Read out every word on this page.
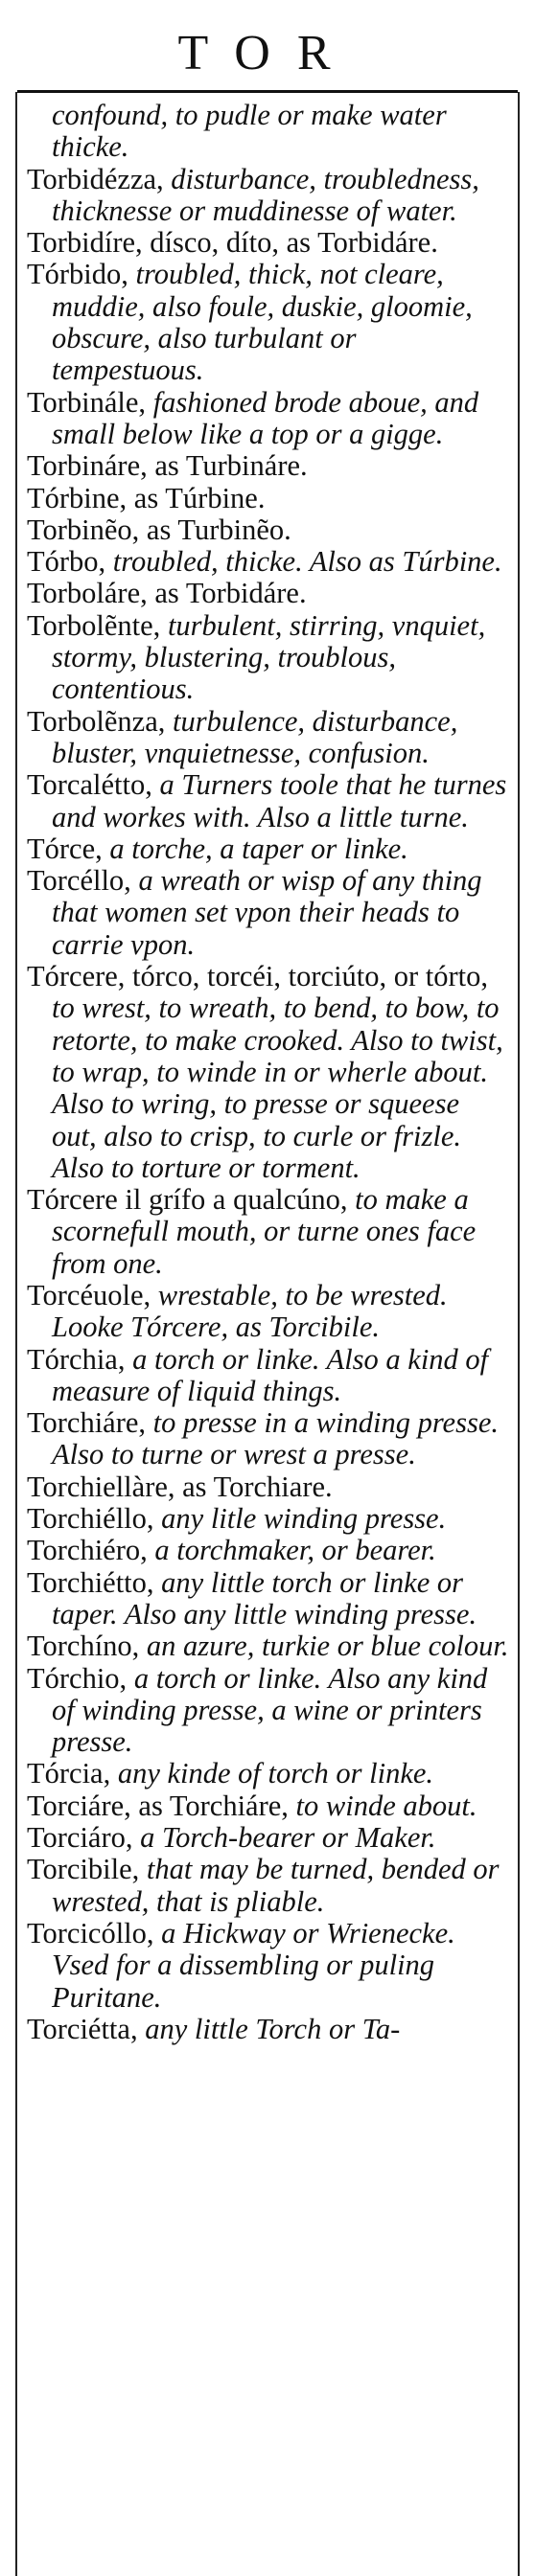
TOR

confound, to pudle or make water thicke.

Torbidézza, disturbance, troubledness, thicknesse or muddinesse of water.

Torbidíre, dísco, díto, as Torbidáre.

Tórbido, troubled, thick, not cleare, muddie, also foule, duskie, gloomie, obscure, also turbulant or tempestuous.

Torbinále, fashioned brode aboue, and small below like a top or a gigge.

Torbináre, as Turbináre.

Tórbine, as Túrbine.

Torbinẽo, as Turbinẽo.

Tórbo, troubled, thicke. Also as Túrbine.

Torboláre, as Torbidáre.

Torbolẽnte, turbulent, stirring, vnquiet, stormy, blustering, troublous, contentious.

Torbolẽnza, turbulence, disturbance, bluster, vnquietnesse, confusion.

Torcalétto, a Turners toole that he turnes and workes with. Also a little turne.

Tórce, a torche, a taper or linke.

Torcéllo, a wreath or wisp of any thing that women set vpon their heads to carrie vpon.

Tórcere, tórco, torcéi, torciúto, or tórto, to wrest, to wreath, to bend, to bow, to retorte, to make crooked. Also to twist, to wrap, to winde in or wherle about. Also to wring, to presse or squeese out, also to crisp, to curle or frizle. Also to torture or torment.

Tórcere il grífo a qualcúno, to make a scornefull mouth, or turne ones face from one.

Torcéuole, wrestable, to be wrested. Looke Tórcere, as Torcibile.

Tórchia, a torch or linke. Also a kind of measure of liquid things.

Torchiáre, to presse in a winding presse. Also to turne or wrest a presse.

Torchiellàre, as Torchiare.

Torchiéllo, any litle winding presse.

Torchiéro, a torchmaker, or bearer.

Torchiétto, any little torch or linke or taper. Also any little winding presse.

Torchíno, an azure, turkie or blue colour.

Tórchio, a torch or linke. Also any kind of winding presse, a wine or printers presse.

Tórcia, any kinde of torch or linke.

Torciáre, as Torchiáre, to winde about.

Torciáro, a Torch-bearer or Maker.

Torcibile, that may be turned, bended or wrested, that is pliable.

Torcicóllo, a Hickway or Wrienecke. Vsed for a dissembling or puling Puritane.

Torciétta, any little Torch or Ta-
